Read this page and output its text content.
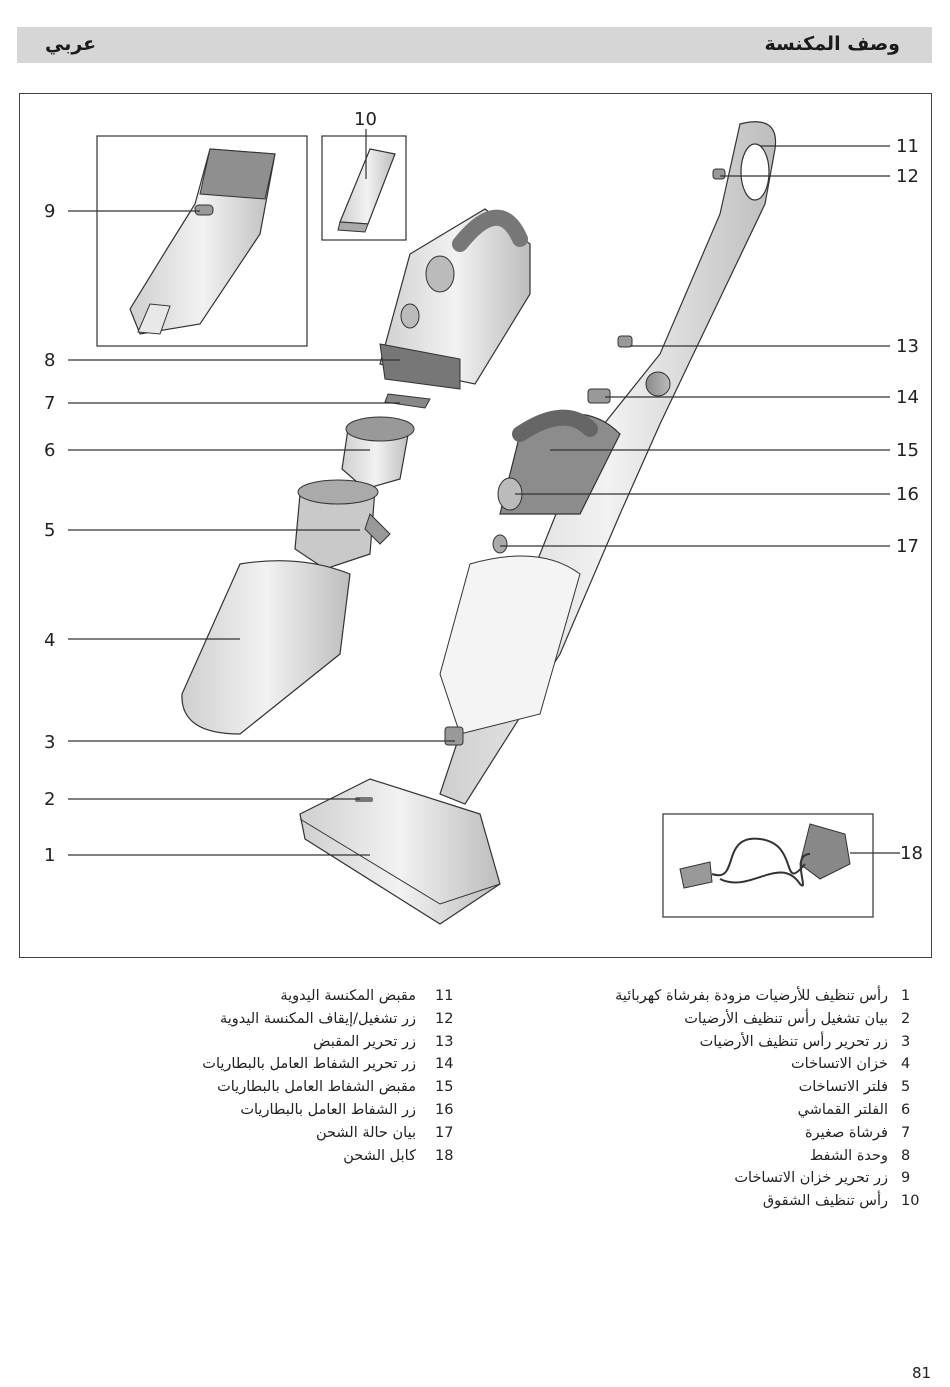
عربي	وصف المكنسة
9
10
8
7
6
5
4
3
2
1
11
12
13
14
15
16
17
18
11
مقبض المكنسة اليدوية
12
زر تشغيل/إيقاف المكنسة اليدوية
13
زر تحرير المقبض
14
زر تحرير الشفاط العامل بالبطاريات
15
مقبض الشفاط العامل بالبطاريات
16
زر الشفاط العامل بالبطاريات
17
بيان حالة الشحن
18
كابل الشحن
1
رأس تنظيف للأرضيات مزودة بفرشاة كهربائية
2
بيان تشغيل رأس تنظيف الأرضيات
3
زر تحرير رأس تنظيف الأرضيات
4
خزان الاتساخات
5
فلتر الاتساخات
6
الفلتر القماشي
7
فرشاة صغيرة
8
وحدة الشفط
9
زر تحرير خزان الاتساخات
10
رأس تنظيف الشقوق
81
